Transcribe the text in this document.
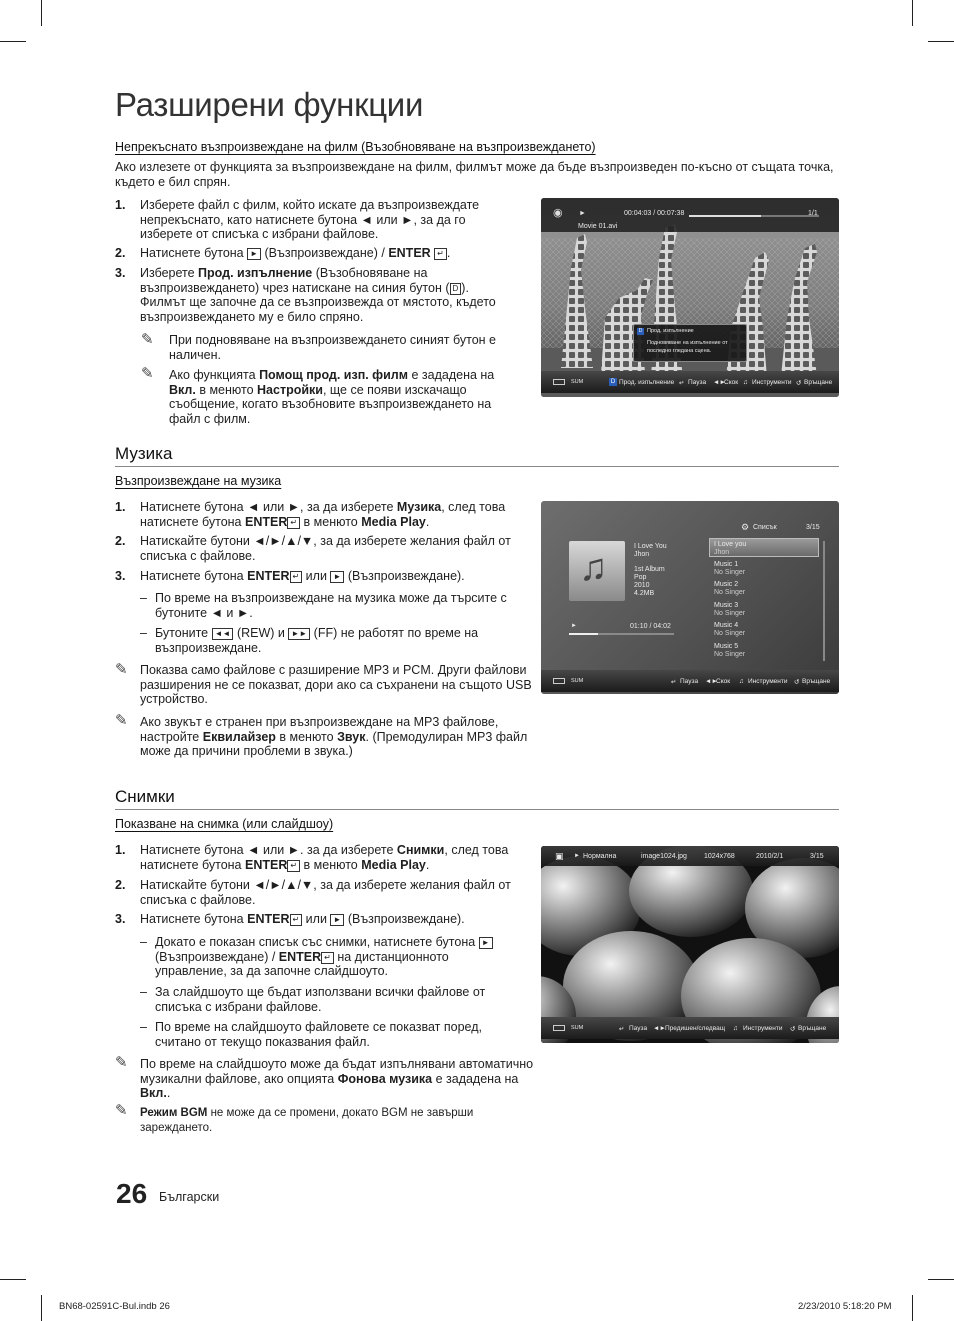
Разширени функции
Непрекъснато възпроизвеждане на филм (Възобновяване на възпроизвеждането)
Ако излезете от функцията за възпроизвеждане на филм, филмът може да бъде възпроизведен по-късно от същата точка, където е бил спрян.
1. Изберете файл с филм, който искате да възпроизвеждате непрекъснато, като натиснете бутона ◄ или ►, за да го изберете от списъка с избрани файлове.
2. Натиснете бутона ► (Възпроизвеждане) / ENTER ↵ .
3. Изберете Прод. изпълнение (Възобновяване на възпроизвеждането) чрез натискане на синия бутон ( D ). Филмът ще започне да се възпроизвежда от мястото, където възпроизвеждането му е било спряно.
✎ При подновяване на възпроизвеждането синият бутон е наличен.
✎ Ако функцията Помощ прод. изп. филм е зададена на Вкл. в менюто Настройки, ще се появи изскачащо съобщение, когато възобновите възпроизвеждането на файл с филм.
◉ ►	00:04:03 / 00:07:38	1/1
Movie 01.avi
D Прод. изпълнение
Подновяване на изпълнение от
последно гледана сцена.
SUM	D Прод. изпълнение ↵ Пауза ◄►
Скок ♫ Инструменти ↺ Връщане
Музика
Възпроизвеждане на музика
1. Натиснете бутона ◄ или ►, за да изберете Музика, след това натиснете бутона ENTER ↵ в менюто Media Play.
2. Натискайте бутони ◄/►/▲/▼, за да изберете желания файл от списъка с файлове.
3. Натиснете бутона ENTER ↵ или ► (Възпроизвеждане).
– По време на възпроизвеждане на музика може да търсите с бутоните ◄ и ►.
– Бутоните ◄◄ (REW) и ►► (FF) не работят по време на възпроизвеждане.
✎ Показва само файлове с разширение MP3 и PCM. Други файлови разширения не се показват, дори ако са съхранени на същото USB устройство.
✎ Ако звукът е странен при възпроизвеждане на MP3 файлове, настройте Еквилайзер в менюто Звук. (Премодулиран MP3 файл може да причини проблеми в звука.)
⚙ Списък	3/15
♫
I Love You
Jhon
1st Album
Pop
2010
4.2MB
►	01:10 / 04:02
I Love you
Jhon
Music 1
No Singer
Music 2
No Singer
Music 3
No Singer
Music 4
No Singer
Music 5
No Singer
SUM	↵ Пауза ◄►
Скок ♫ Инструменти ↺ Връщане
Снимки
Показване на снимка (или слайдшоу)
1. Натиснете бутона ◄ или ►. за да изберете Снимки, след това натиснете бутона ENTER ↵ в менюто Media Play.
2. Натискайте бутони ◄/►/▲/▼, за да изберете желания файл от списъка с файлове.
3. Натиснете бутона ENTER ↵ или ► (Възпроизвеждане).
– Докато е показан списък със снимки, натиснете бутона ► (Възпроизвеждане) / ENTER ↵ на дистанционното управление, за да започне слайдшоуто.
– За слайдшоуто ще бъдат използвани всички файлове от списъка с избрани файлове.
– По време на слайдшоуто файловете се показват поред, считано от текущо показвания файл.
✎ По време на слайдшоуто може да бъдат изпълнявани автоматично музикални файлове, ако опцията Фонова музика е зададена на Вкл..
✎ Режим BGM не може да се промени, докато BGM не завърши зареждането.
▣ ► Нормална	image1024.jpg 1024x768	2010/2/1	3/15
SUM	↵ Пауза ◄► Предишен/следващ ♫ Инструменти ↺ Връщане
26 Български
BN68-02591C-Bul.indb 26	2/23/2010 5:18:20 PM
